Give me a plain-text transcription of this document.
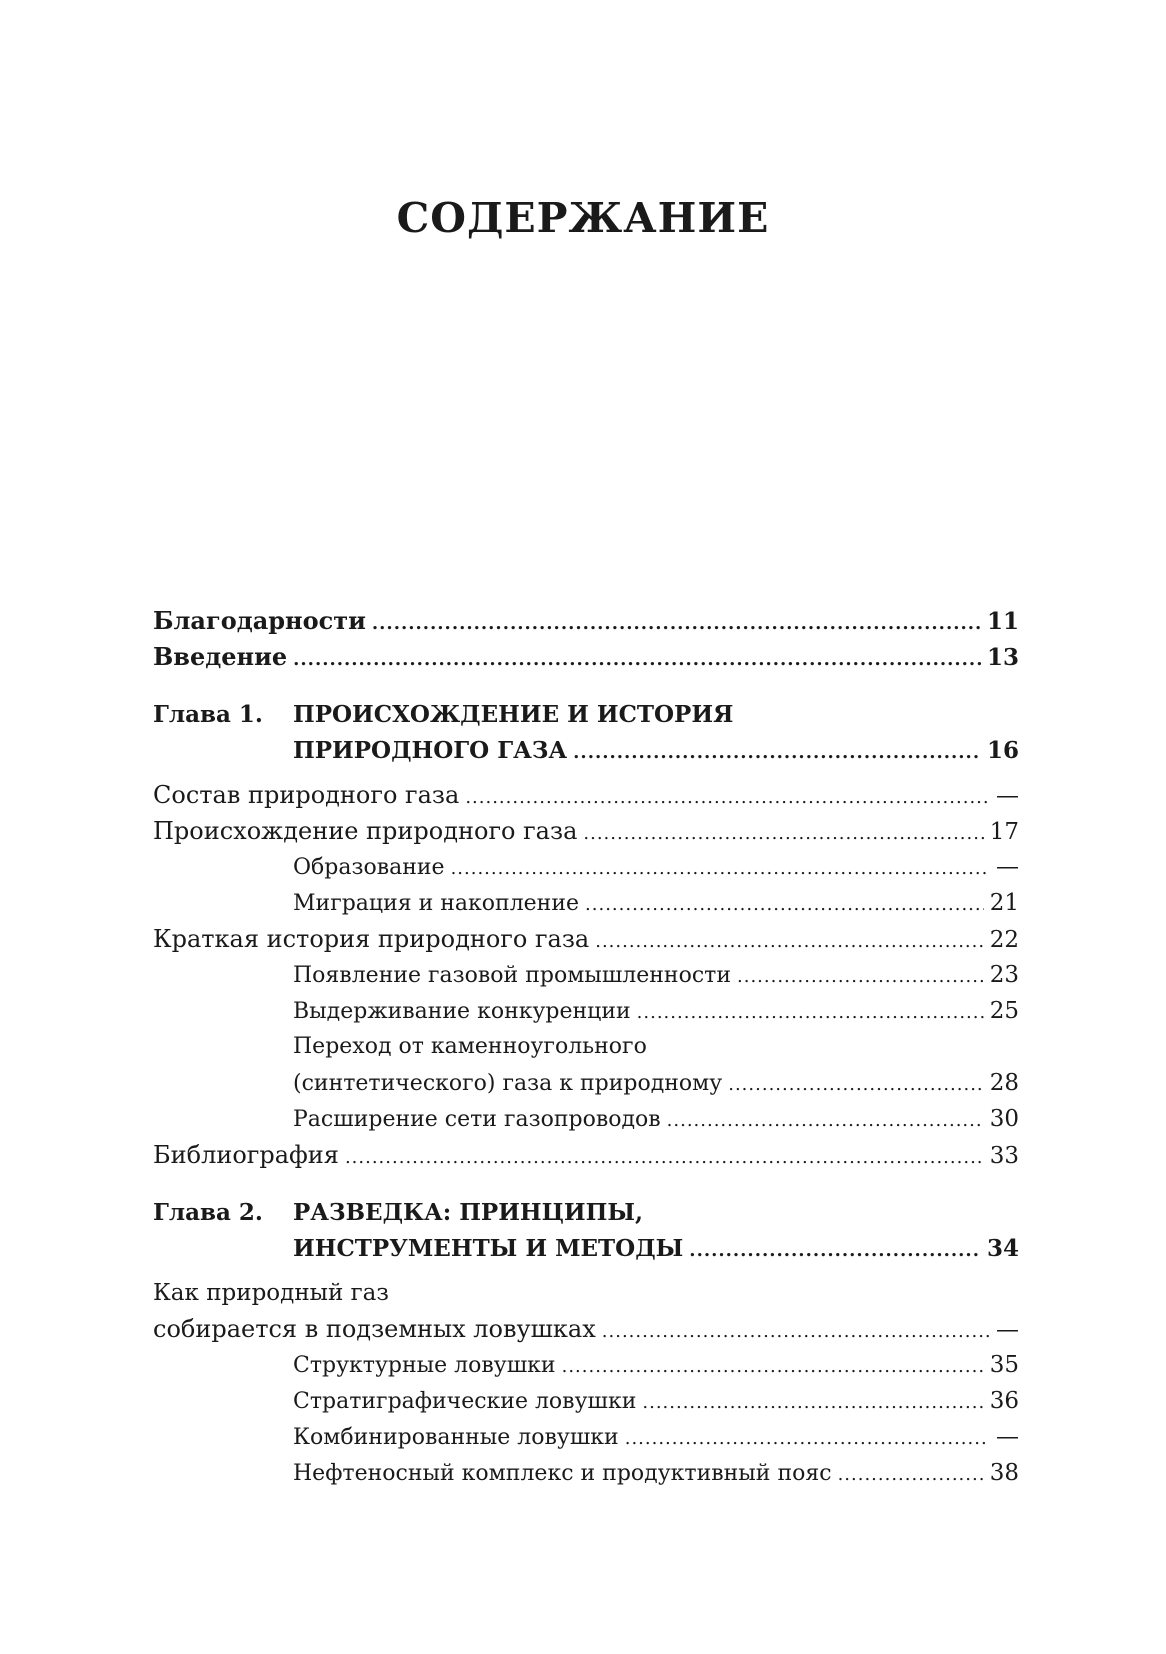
СОДЕРЖАНИЕ
Благодарности .....	11
Введение .....	13
Глава 1.	ПРОИСХОЖДЕНИЕ И ИСТОРИЯ
ПРИРОДНОГО ГАЗА .....	16
Состав природного газа .....	—
Происхождение природного газа .....	17
Образование .....	—
Миграция и накопление .....	21
Краткая история природного газа .....	22
Появление газовой промышленности .....	23
Выдерживание конкуренции .....	25
Переход от каменноугольного
(синтетического) газа к природному .....	28
Расширение сети газопроводов .....	30
Библиография .....	33
Глава 2.	РАЗВЕДКА: ПРИНЦИПЫ,
ИНСТРУМЕНТЫ И МЕТОДЫ .....	34
Как природный газ
собирается в подземных ловушках .....	—
Структурные ловушки .....	35
Стратиграфические ловушки .....	36
Комбинированные ловушки .....	—
Нефтеносный комплекс и продуктивный пояс .....	38
